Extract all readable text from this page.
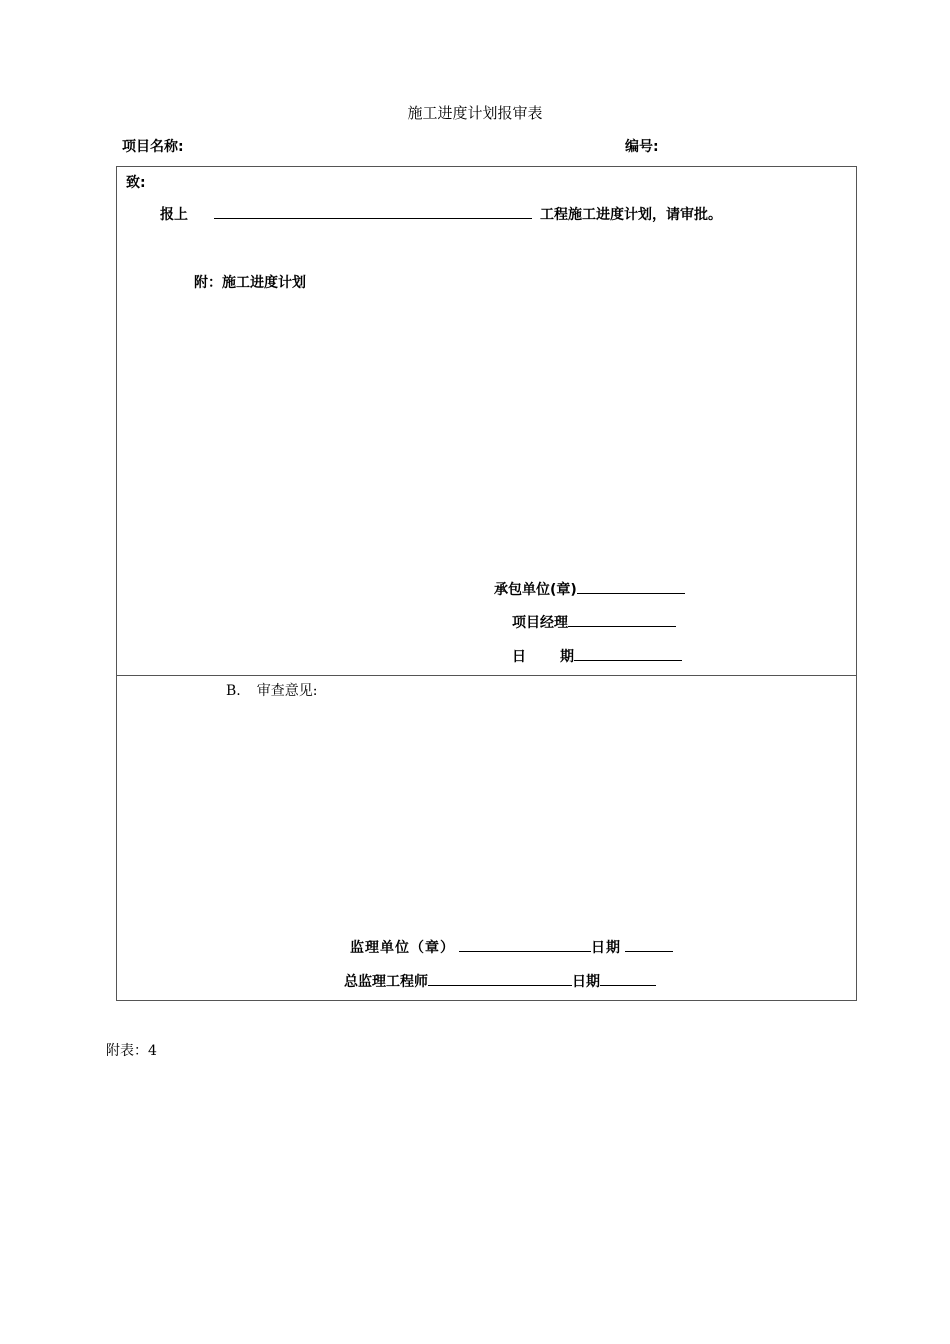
施工进度计划报审表
项目名称:	编号:
致:
报上	工程施工进度计划，请审批。
附：施工进度计划
承包单位(章)
项目经理
日 期
B. 审查意见:
监理单位（章）	日期
总监理工程师	日期
附表：4
